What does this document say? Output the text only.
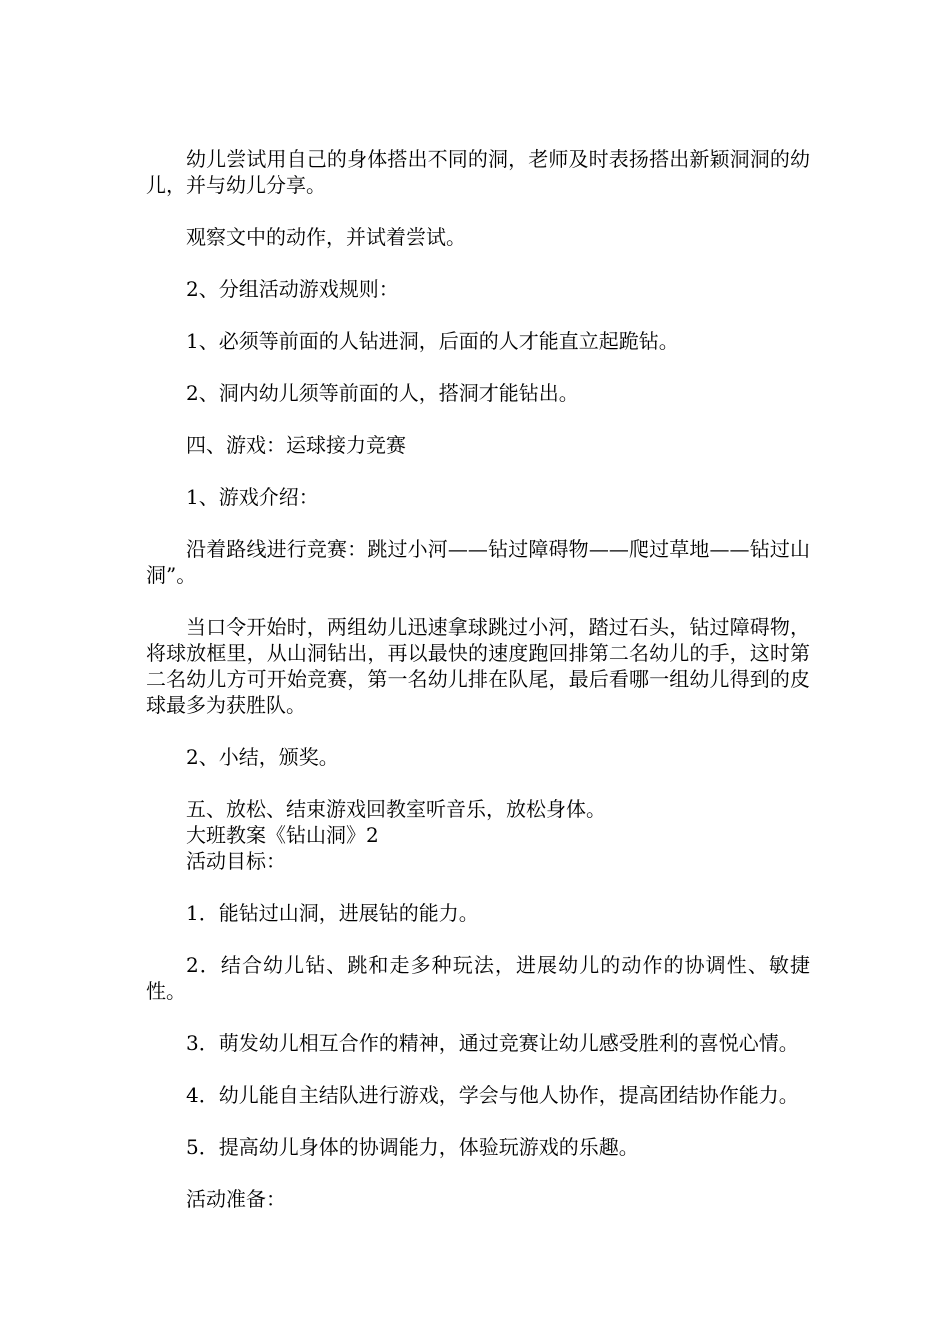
幼儿尝试用自己的身体搭出不同的洞，老师及时表扬搭出新颖洞洞的幼儿，并与幼儿分享。

观察文中的动作，并试着尝试。

2、分组活动游戏规则：

1、必须等前面的人钻进洞，后面的人才能直立起跪钻。

2、洞内幼儿须等前面的人，搭洞才能钻出。

四、游戏：运球接力竞赛

1、游戏介绍：

沿着路线进行竞赛：跳过小河——钻过障碍物——爬过草地——钻过山洞”。

当口令开始时，两组幼儿迅速拿球跳过小河，踏过石头，钻过障碍物，将球放框里，从山洞钻出，再以最快的速度跑回排第二名幼儿的手，这时第二名幼儿方可开始竞赛，第一名幼儿排在队尾，最后看哪一组幼儿得到的皮球最多为获胜队。

2、小结，颁奖。

五、放松、结束游戏回教室听音乐，放松身体。

大班教案《钻山洞》2

活动目标：

1．能钻过山洞，进展钻的能力。

2．结合幼儿钻、跳和走多种玩法，进展幼儿的动作的协调性、敏捷性。

3．萌发幼儿相互合作的精神，通过竞赛让幼儿感受胜利的喜悦心情。

4．幼儿能自主结队进行游戏，学会与他人协作，提高团结协作能力。

5．提高幼儿身体的协调能力，体验玩游戏的乐趣。

活动准备：
